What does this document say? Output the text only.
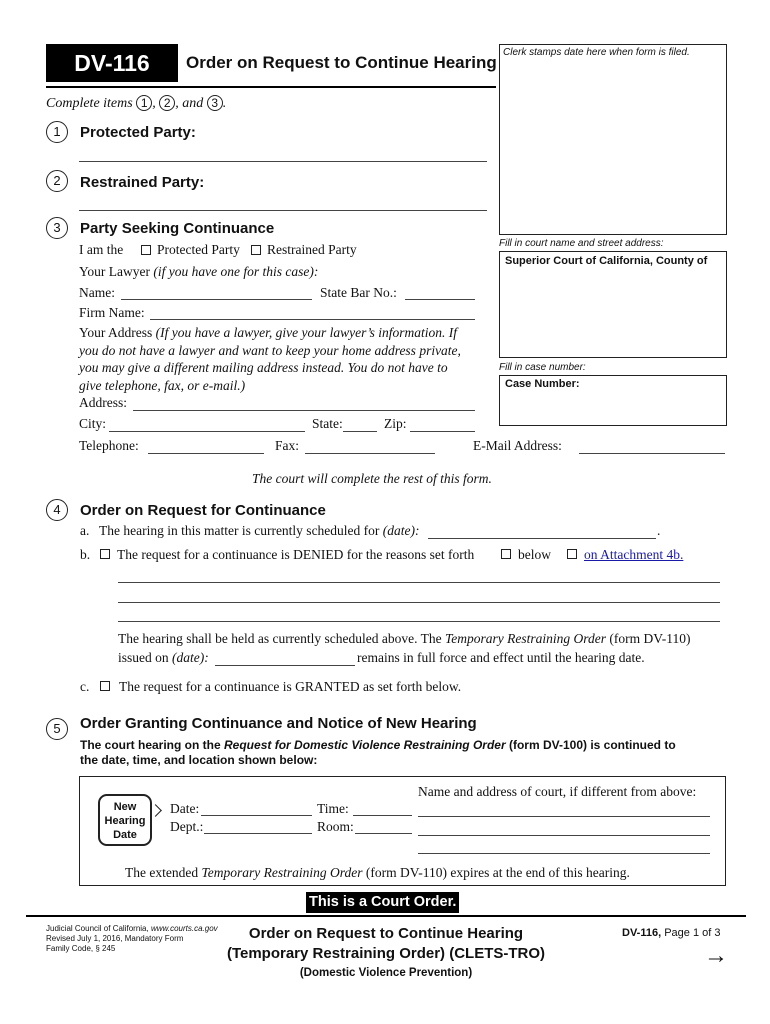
DV-116	Order on Request to Continue Hearing
Clerk stamps date here when form is filed.
Fill in court name and street address:
Superior Court of California, County of
Fill in case number:
Case Number:
Complete items 1 , 2 , and 3 .
1	Protected Party:
2	Restrained Party:
3	Party Seeking Continuance
I am the	Protected Party Restrained Party
Your Lawyer (if you have one for this case):
Name:	State Bar No.:
Firm Name:
Your Address (If you have a lawyer, give your lawyer’s information. If
you do not have a lawyer and want to keep your home address private,
you may give a different mailing address instead. You do not have to
give telephone, fax, or e-mail.)
Address:
City:	State:	Zip:
Telephone:	Fax:	E-Mail Address:
The court will complete the rest of this form.
4	Order on Request for Continuance
a. The hearing in this matter is currently scheduled for (date):	.
b. The request for a continuance is DENIED for the reasons set forth	below on Attachment 4b.
The hearing shall be held as currently scheduled above. The Temporary Restraining Order (form DV-110)
issued on (date):	remains in full force and effect until the hearing date.
c. The request for a continuance is GRANTED as set forth below.
5	Order Granting Continuance and Notice of New Hearing
The court hearing on the Request for Domestic Violence Restraining Order (form DV-100) is continued to
the date, time, and location shown below:
New
Hearing
Date
Date:	Time:
Dept.:	Room:
Name and address of court, if different from above:
The extended Temporary Restraining Order (form DV-110) expires at the end of this hearing.
This is a Court Order.
Judicial Council of California, www.courts.ca.gov
Revised July 1, 2016, Mandatory Form
Family Code, § 245
Order on Request to Continue Hearing
(Temporary Restraining Order) (CLETS-TRO)
(Domestic Violence Prevention)
DV-116, Page 1 of 3
→
